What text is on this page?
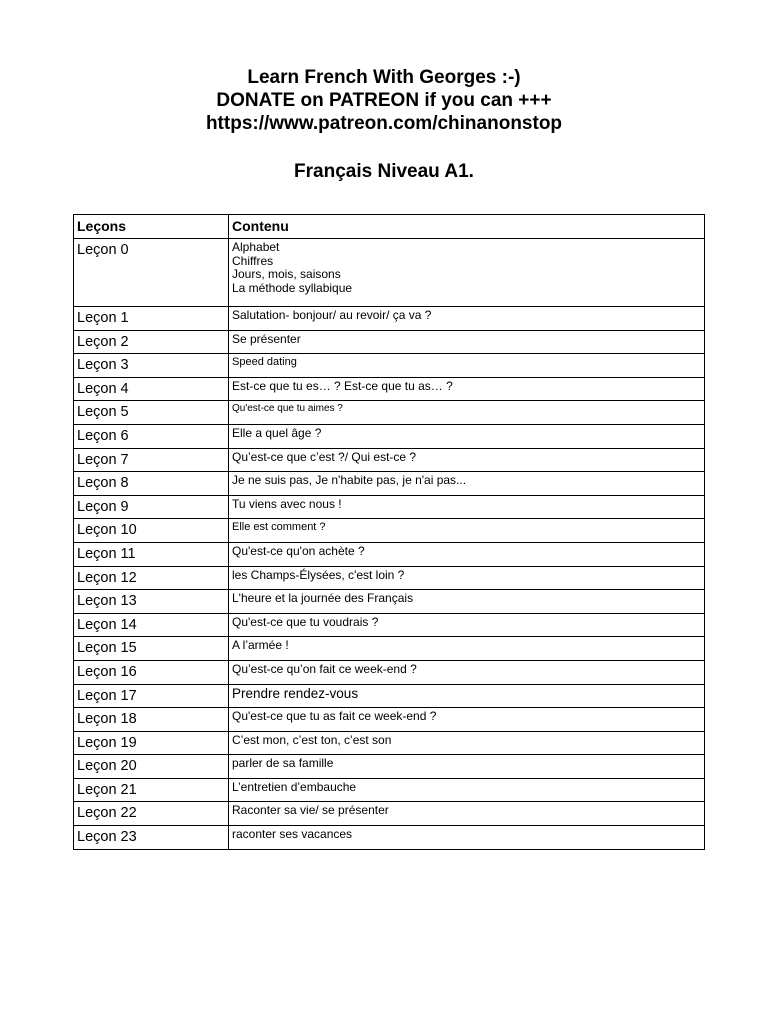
Learn French With Georges :-)
DONATE on PATREON if you can +++
https://www.patreon.com/chinanonstop
Français Niveau A1.
Leçons	Contenu
Leçon 0	Alphabet
Chiffres
Jours, mois, saisons
La méthode syllabique

Leçon 1	Salutation- bonjour/ au revoir/ ça va ?
Leçon 2	Se présenter
Leçon 3	Speed dating
Leçon 4	Est-ce que tu es… ? Est-ce que tu as… ?
Leçon 5	Qu'est-ce que tu aimes ?
Leçon 6	Elle a quel âge ?
Leçon 7	Qu’est-ce que c’est ?/ Qui est-ce ?
Leçon 8	Je ne suis pas, Je n'habite pas, je n'ai pas...
Leçon 9	Tu viens avec nous !
Leçon 10	Elle est comment ?
Leçon 11	Qu'est-ce qu'on achète ?
Leçon 12	les Champs-Élysées, c'est loin ?
Leçon 13	L'heure et la journée des Français
Leçon 14	Qu'est-ce que tu voudrais ?
Leçon 15	A l’armée !
Leçon 16	Qu’est-ce qu’on fait ce week-end ?
Leçon 17	Prendre rendez-vous
Leçon 18	Qu'est-ce que tu as fait ce week-end ?
Leçon 19	C’est mon, c’est ton, c’est son
Leçon 20	parler de sa famille
Leçon 21	L’entretien d’embauche
Leçon 22	Raconter sa vie/ se présenter
Leçon 23	raconter ses vacances
